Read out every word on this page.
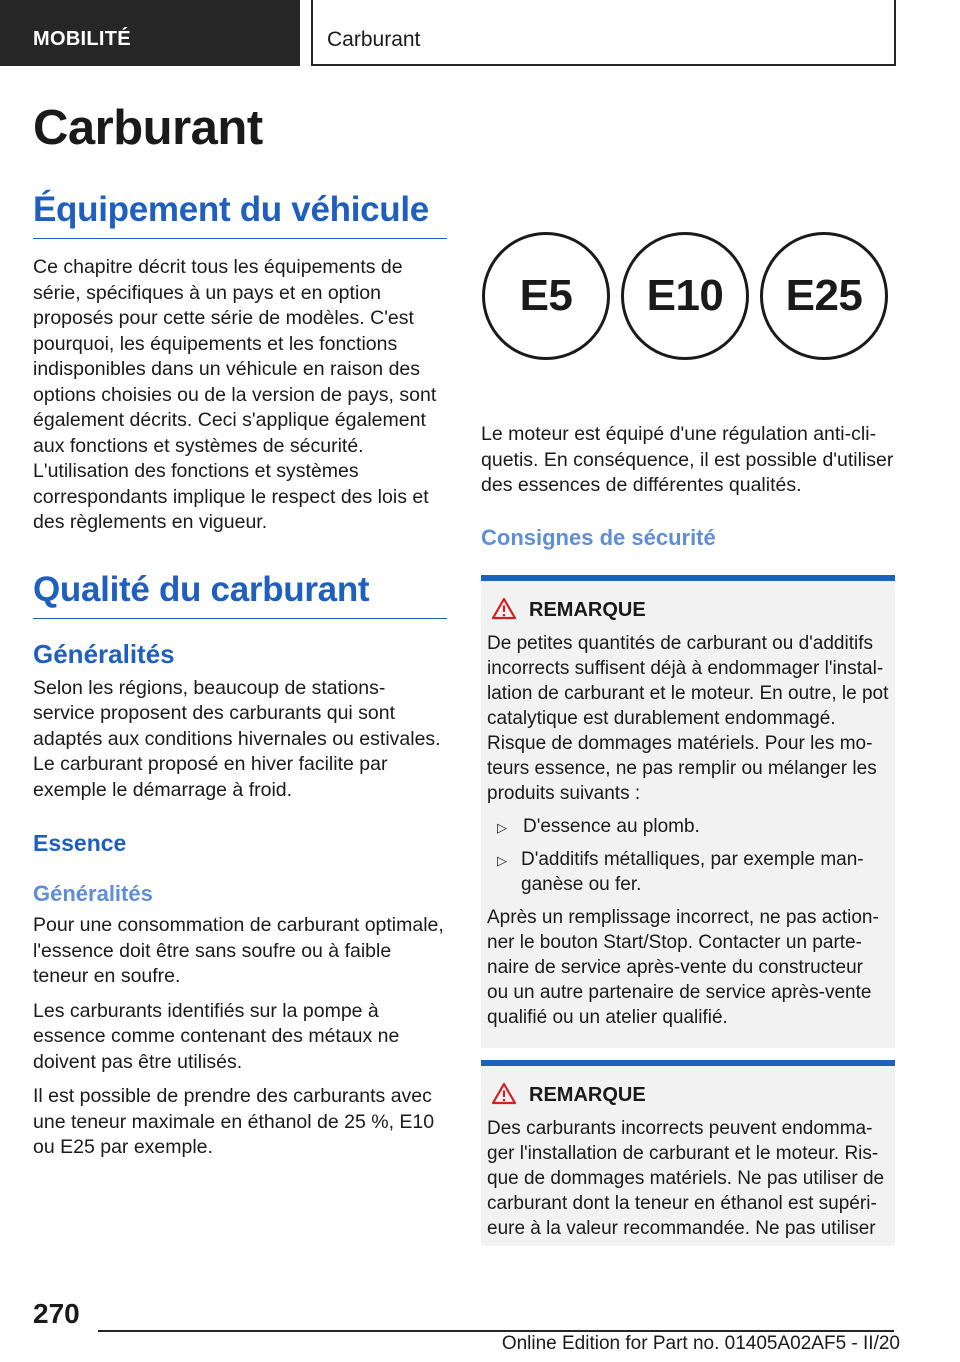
MOBILITÉ	Carburant
Carburant
Équipement du véhicule
Ce chapitre décrit tous les équipements de série, spécifiques à un pays et en option proposés pour cette série de modèles. C'est pourquoi, les équipements et les fonctions indisponibles dans un véhicule en raison des options choisies ou de la version de pays, sont également décrits. Ceci s'applique également aux fonctions et systèmes de sécurité. L'utilisation des fonctions et systèmes correspondants implique le respect des lois et des règlements en vigueur.
Qualité du carburant
Généralités
Selon les régions, beaucoup de stations-service proposent des carburants qui sont adaptés aux conditions hivernales ou estivales. Le carburant proposé en hiver facilite par exemple le démarrage à froid.
Essence
Généralités
Pour une consommation de carburant optimale, l'essence doit être sans soufre ou à faible teneur en soufre.
Les carburants identifiés sur la pompe à essence comme contenant des métaux ne doivent pas être utilisés.
Il est possible de prendre des carburants avec une teneur maximale en éthanol de 25 %, E10 ou E25 par exemple.
E5	E10	E25
Le moteur est équipé d'une régulation anti-cliquetis. En conséquence, il est possible d'utiliser des essences de différentes qualités.
Consignes de sécurité
REMARQUE
De petites quantités de carburant ou d'additifs incorrects suffisent déjà à endommager l'installation de carburant et le moteur. En outre, le pot catalytique est durablement endommagé. Risque de dommages matériels. Pour les moteurs essence, ne pas remplir ou mélanger les produits suivants :
▷ D'essence au plomb.
▷ D'additifs métalliques, par exemple manganèse ou fer.
Après un remplissage incorrect, ne pas actionner le bouton Start/Stop. Contacter un partenaire de service après-vente du constructeur ou un autre partenaire de service après-vente qualifié ou un atelier qualifié.
REMARQUE
Des carburants incorrects peuvent endommager l'installation de carburant et le moteur. Risque de dommages matériels. Ne pas utiliser de carburant dont la teneur en éthanol est supérieure à la valeur recommandée. Ne pas utiliser
270
Online Edition for Part no. 01405A02AF5 - II/20
